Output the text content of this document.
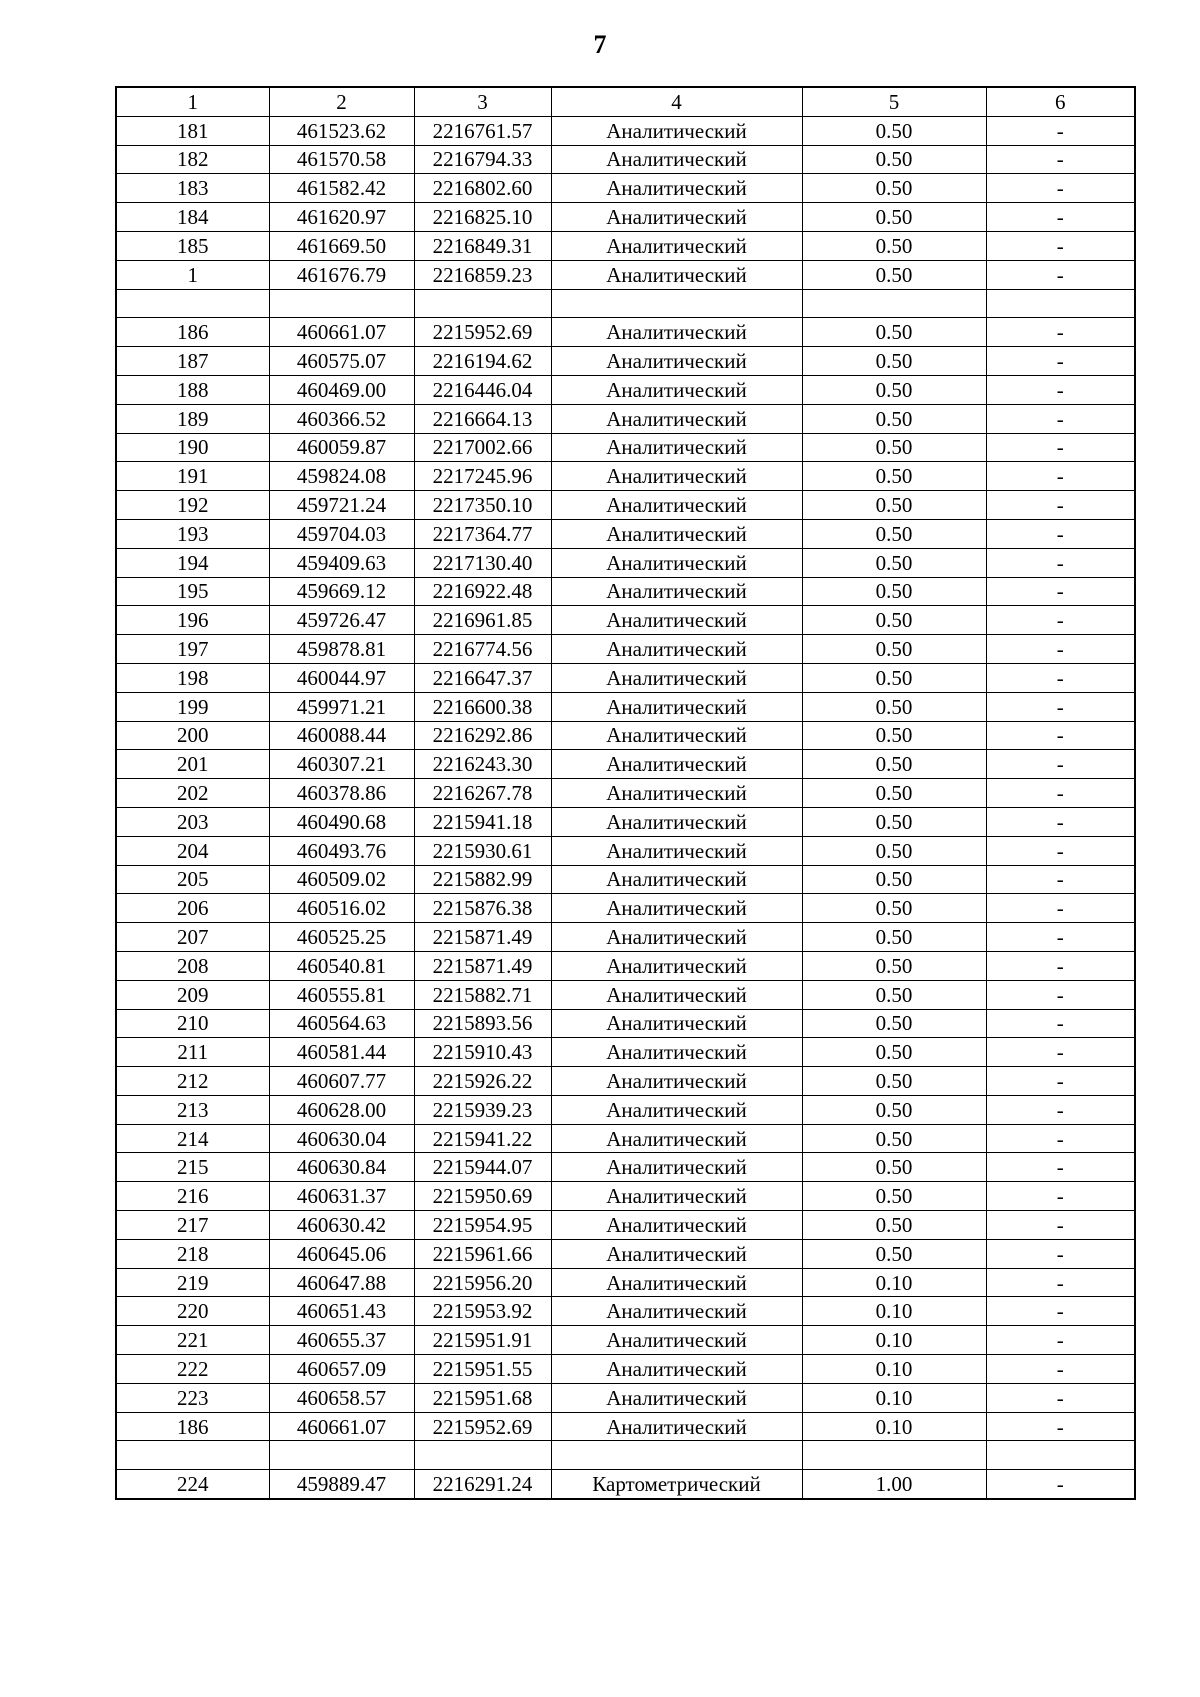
7
1	2	3	4	5	6
181	461523.62	2216761.57	Аналитический	0.50	-
182	461570.58	2216794.33	Аналитический	0.50	-
183	461582.42	2216802.60	Аналитический	0.50	-
184	461620.97	2216825.10	Аналитический	0.50	-
185	461669.50	2216849.31	Аналитический	0.50	-
1	461676.79	2216859.23	Аналитический	0.50	-

186	460661.07	2215952.69	Аналитический	0.50	-
187	460575.07	2216194.62	Аналитический	0.50	-
188	460469.00	2216446.04	Аналитический	0.50	-
189	460366.52	2216664.13	Аналитический	0.50	-
190	460059.87	2217002.66	Аналитический	0.50	-
191	459824.08	2217245.96	Аналитический	0.50	-
192	459721.24	2217350.10	Аналитический	0.50	-
193	459704.03	2217364.77	Аналитический	0.50	-
194	459409.63	2217130.40	Аналитический	0.50	-
195	459669.12	2216922.48	Аналитический	0.50	-
196	459726.47	2216961.85	Аналитический	0.50	-
197	459878.81	2216774.56	Аналитический	0.50	-
198	460044.97	2216647.37	Аналитический	0.50	-
199	459971.21	2216600.38	Аналитический	0.50	-
200	460088.44	2216292.86	Аналитический	0.50	-
201	460307.21	2216243.30	Аналитический	0.50	-
202	460378.86	2216267.78	Аналитический	0.50	-
203	460490.68	2215941.18	Аналитический	0.50	-
204	460493.76	2215930.61	Аналитический	0.50	-
205	460509.02	2215882.99	Аналитический	0.50	-
206	460516.02	2215876.38	Аналитический	0.50	-
207	460525.25	2215871.49	Аналитический	0.50	-
208	460540.81	2215871.49	Аналитический	0.50	-
209	460555.81	2215882.71	Аналитический	0.50	-
210	460564.63	2215893.56	Аналитический	0.50	-
211	460581.44	2215910.43	Аналитический	0.50	-
212	460607.77	2215926.22	Аналитический	0.50	-
213	460628.00	2215939.23	Аналитический	0.50	-
214	460630.04	2215941.22	Аналитический	0.50	-
215	460630.84	2215944.07	Аналитический	0.50	-
216	460631.37	2215950.69	Аналитический	0.50	-
217	460630.42	2215954.95	Аналитический	0.50	-
218	460645.06	2215961.66	Аналитический	0.50	-
219	460647.88	2215956.20	Аналитический	0.10	-
220	460651.43	2215953.92	Аналитический	0.10	-
221	460655.37	2215951.91	Аналитический	0.10	-
222	460657.09	2215951.55	Аналитический	0.10	-
223	460658.57	2215951.68	Аналитический	0.10	-
186	460661.07	2215952.69	Аналитический	0.10	-

224	459889.47	2216291.24	Картометрический	1.00	-
